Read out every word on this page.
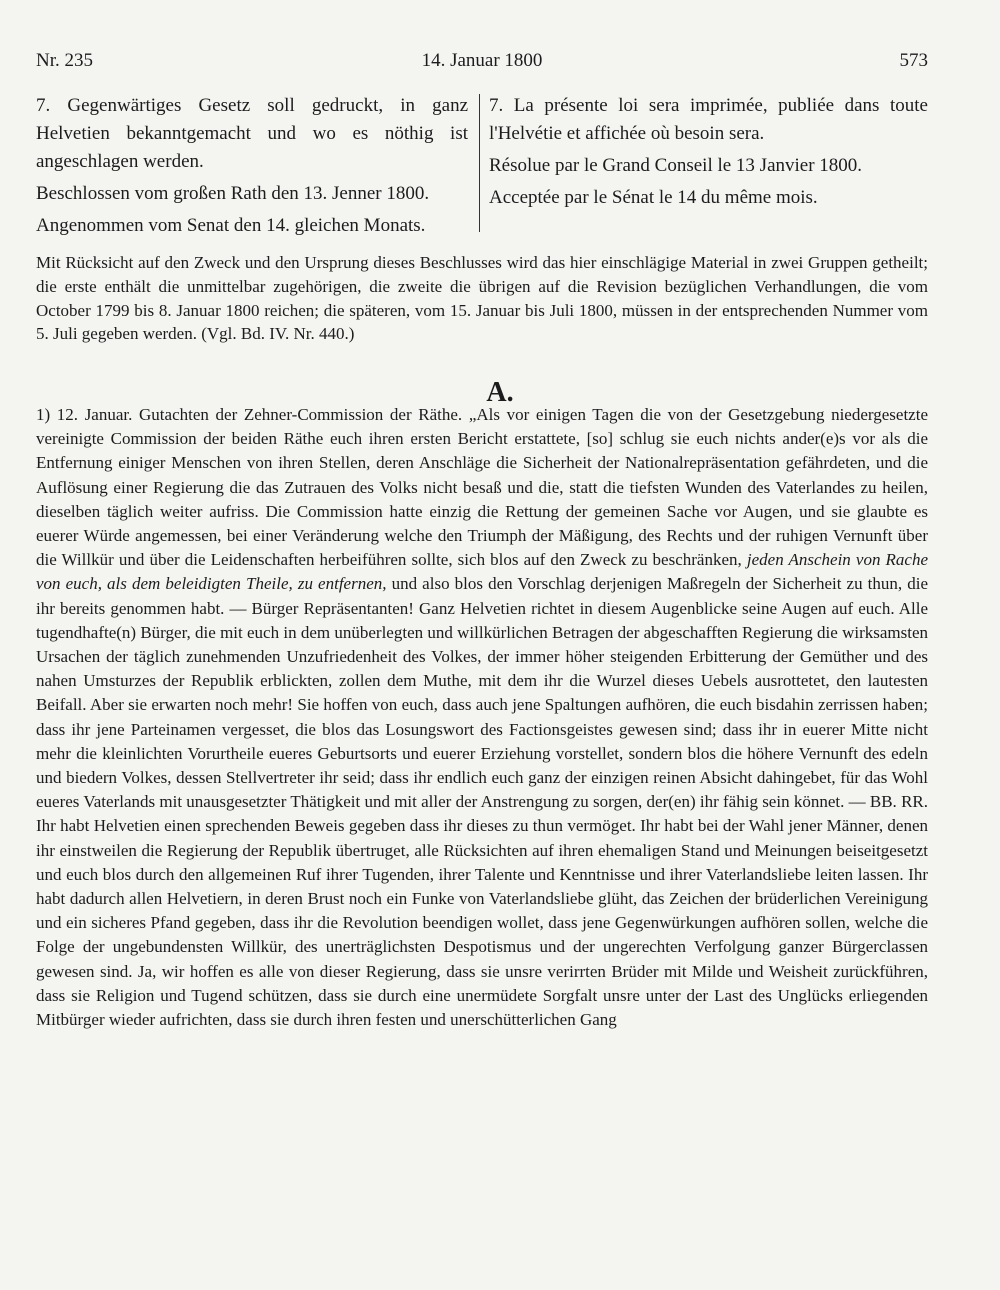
Nr. 235	14. Januar 1800	573

7. Gegenwärtiges Gesetz soll gedruckt, in ganz Helvetien bekanntgemacht und wo es nöthig ist angeschlagen werden.

Beschlossen vom großen Rath den 13. Jenner 1800.

Angenommen vom Senat den 14. gleichen Monats.

7. La présente loi sera imprimée, publiée dans toute l'Helvétie et affichée où besoin sera.

Résolue par le Grand Conseil le 13 Janvier 1800.

Acceptée par le Sénat le 14 du même mois.

Mit Rücksicht auf den Zweck und den Ursprung dieses Beschlusses wird das hier einschlägige Material in zwei Gruppen getheilt; die erste enthält die unmittelbar zugehörigen, die zweite die übrigen auf die Revision bezüglichen Verhandlungen, die vom October 1799 bis 8. Januar 1800 reichen; die späteren, vom 15. Januar bis Juli 1800, müssen in der entsprechenden Nummer vom 5. Juli gegeben werden. (Vgl. Bd. IV. Nr. 440.)

A.

1) 12. Januar. Gutachten der Zehner-Commission der Räthe. „Als vor einigen Tagen die von der Gesetzgebung niedergesetzte vereinigte Commission der beiden Räthe euch ihren ersten Bericht erstattete, [so] schlug sie euch nichts ander(e)s vor als die Entfernung einiger Menschen von ihren Stellen, deren Anschläge die Sicherheit der Nationalrepräsentation gefährdeten, und die Auflösung einer Regierung die das Zutrauen des Volks nicht besaß und die, statt die tiefsten Wunden des Vaterlandes zu heilen, dieselben täglich weiter aufriss. Die Commission hatte einzig die Rettung der gemeinen Sache vor Augen, und sie glaubte es euerer Würde angemessen, bei einer Veränderung welche den Triumph der Mäßigung, des Rechts und der ruhigen Vernunft über die Willkür und über die Leidenschaften herbeiführen sollte, sich blos auf den Zweck zu beschränken, jeden Anschein von Rache von euch, als dem beleidigten Theile, zu entfernen, und also blos den Vorschlag derjenigen Maßregeln der Sicherheit zu thun, die ihr bereits genommen habt. — Bürger Repräsentanten! Ganz Helvetien richtet in diesem Augenblicke seine Augen auf euch. Alle tugendhafte(n) Bürger, die mit euch in dem unüberlegten und willkürlichen Betragen der abgeschafften Regierung die wirksamsten Ursachen der täglich zunehmenden Unzufriedenheit des Volkes, der immer höher steigenden Erbitterung der Gemüther und des nahen Umsturzes der Republik erblickten, zollen dem Muthe, mit dem ihr die Wurzel dieses Uebels ausrottetet, den lautesten Beifall. Aber sie erwarten noch mehr! Sie hoffen von euch, dass auch jene Spaltungen aufhören, die euch bisdahin zerrissen haben; dass ihr jene Parteinamen vergesset, die blos das Losungswort des Factionsgeistes gewesen sind; dass ihr in euerer Mitte nicht mehr die kleinlichten Vorurtheile eueres Geburtsorts und euerer Erziehung vorstellet, sondern blos die höhere Vernunft des edeln und biedern Volkes, dessen Stellvertreter ihr seid; dass ihr endlich euch ganz der einzigen reinen Absicht dahingebet, für das Wohl eueres Vaterlands mit unausgesetzter Thätigkeit und mit aller der Anstrengung zu sorgen, der(en) ihr fähig sein könnet. — BB. RR. Ihr habt Helvetien einen sprechenden Beweis gegeben dass ihr dieses zu thun vermöget. Ihr habt bei der Wahl jener Männer, denen ihr einstweilen die Regierung der Republik übertruget, alle Rücksichten auf ihren ehemaligen Stand und Meinungen beiseitgesetzt und euch blos durch den allgemeinen Ruf ihrer Tugenden, ihrer Talente und Kenntnisse und ihrer Vaterlandsliebe leiten lassen. Ihr habt dadurch allen Helvetiern, in deren Brust noch ein Funke von Vaterlandsliebe glüht, das Zeichen der brüderlichen Vereinigung und ein sicheres Pfand gegeben, dass ihr die Revolution beendigen wollet, dass jene Gegenwürkungen aufhören sollen, welche die Folge der ungebundensten Willkür, des unerträglichsten Despotismus und der ungerechten Verfolgung ganzer Bürgerclassen gewesen sind. Ja, wir hoffen es alle von dieser Regierung, dass sie unsre verirrten Brüder mit Milde und Weisheit zurückführen, dass sie Religion und Tugend schützen, dass sie durch eine unermüdete Sorgfalt unsre unter der Last des Unglücks erliegenden Mitbürger wieder aufrichten, dass sie durch ihren festen und unerschütterlichen Gang
